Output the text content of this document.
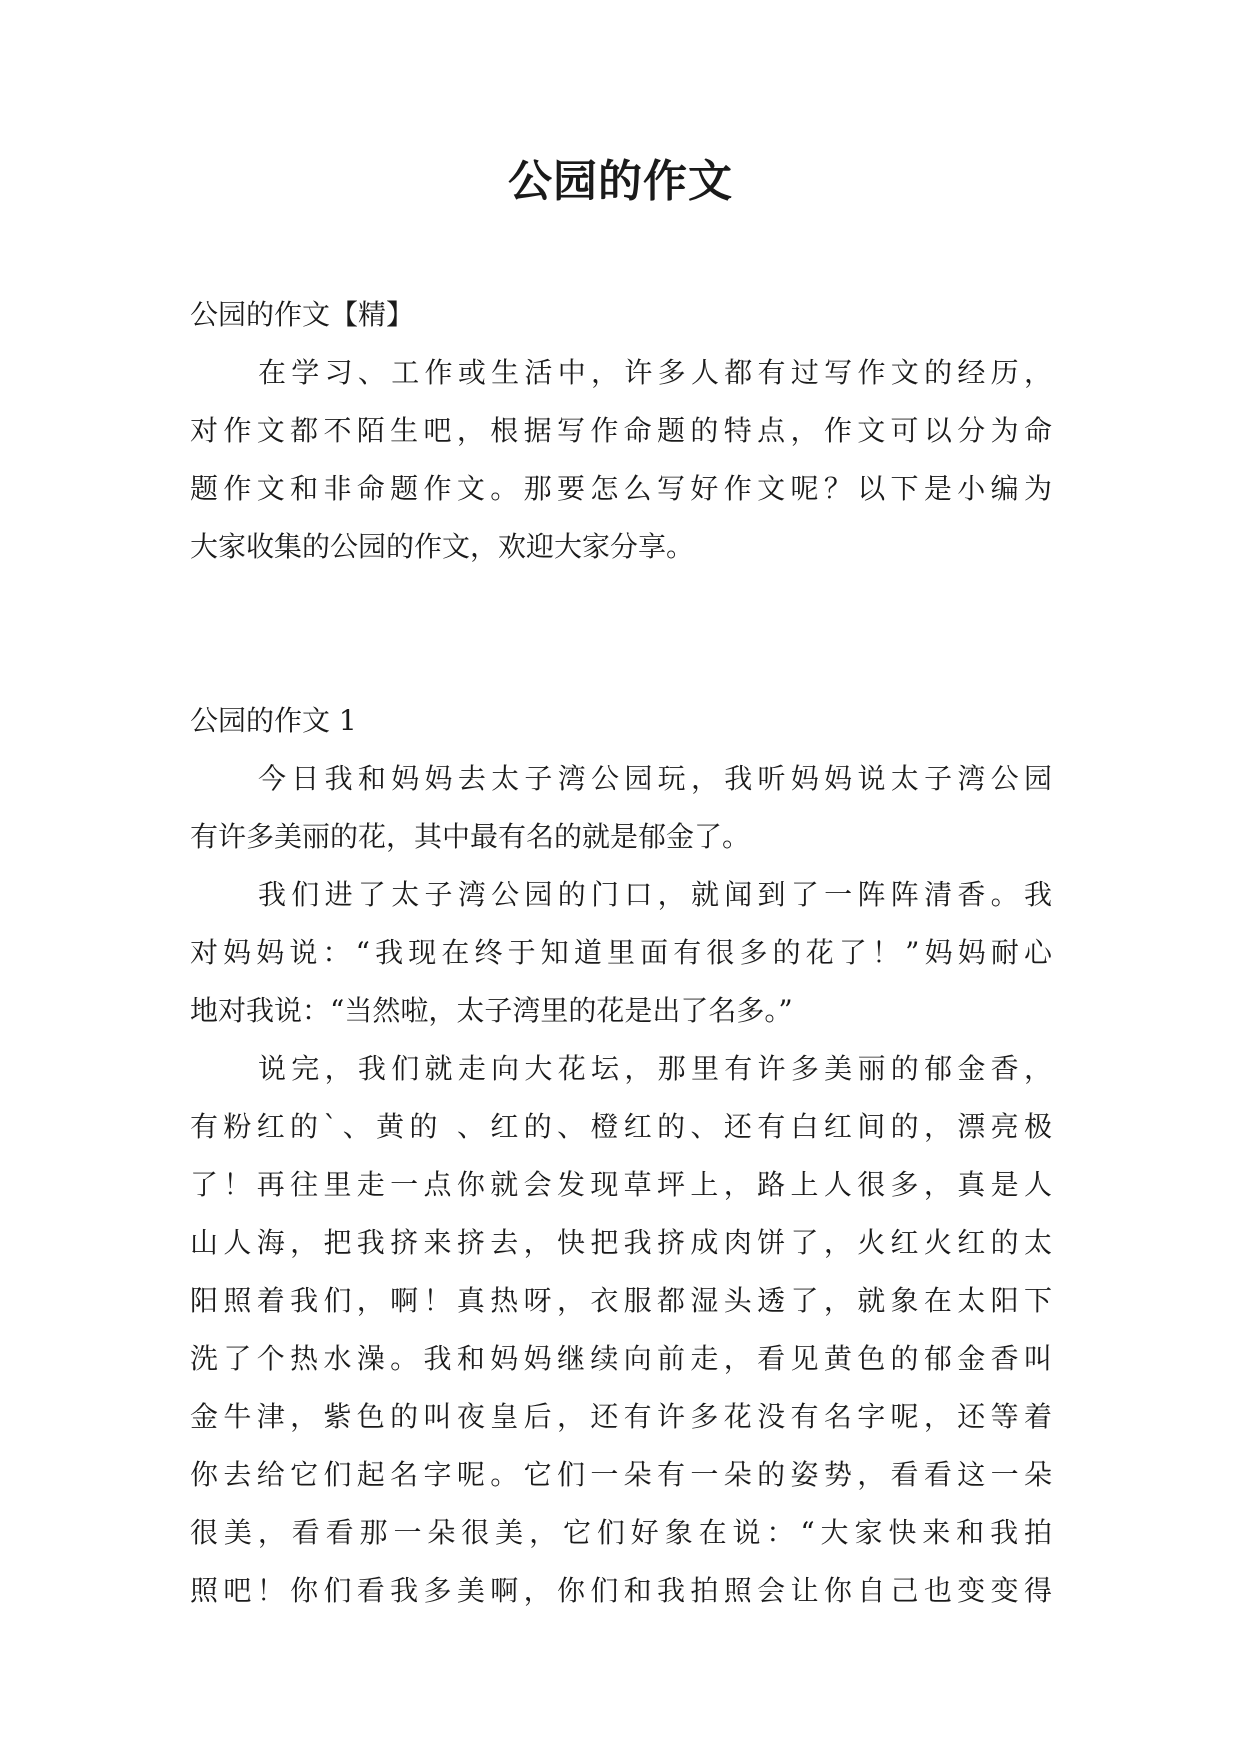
公园的作文
公园的作文【精】
在学习、工作或生活中，许多人都有过写作文的经历，
对作文都不陌生吧，根据写作命题的特点，作文可以分为命
题作文和非命题作文。那要怎么写好作文呢？以下是小编为
大家收集的公园的作文，欢迎大家分享。
公园的作文 1
今日我和妈妈去太子湾公园玩，我听妈妈说太子湾公园
有许多美丽的花，其中最有名的就是郁金了。
我们进了太子湾公园的门口，就闻到了一阵阵清香。我
对妈妈说：“我现在终于知道里面有很多的花了！”妈妈耐心
地对我说：“当然啦，太子湾里的花是出了名多。”
说完，我们就走向大花坛，那里有许多美丽的郁金香，
有粉红的`、黄的 、红的、橙红的、还有白红间的，漂亮极
了！再往里走一点你就会发现草坪上，路上人很多，真是人
山人海，把我挤来挤去，快把我挤成肉饼了，火红火红的太
阳照着我们，啊！真热呀，衣服都湿头透了，就象在太阳下
洗了个热水澡。我和妈妈继续向前走，看见黄色的郁金香叫
金牛津，紫色的叫夜皇后，还有许多花没有名字呢，还等着
你去给它们起名字呢。它们一朵有一朵的姿势，看看这一朵
很美，看看那一朵很美，它们好象在说：“大家快来和我拍
照吧！你们看我多美啊，你们和我拍照会让你自己也变变得
